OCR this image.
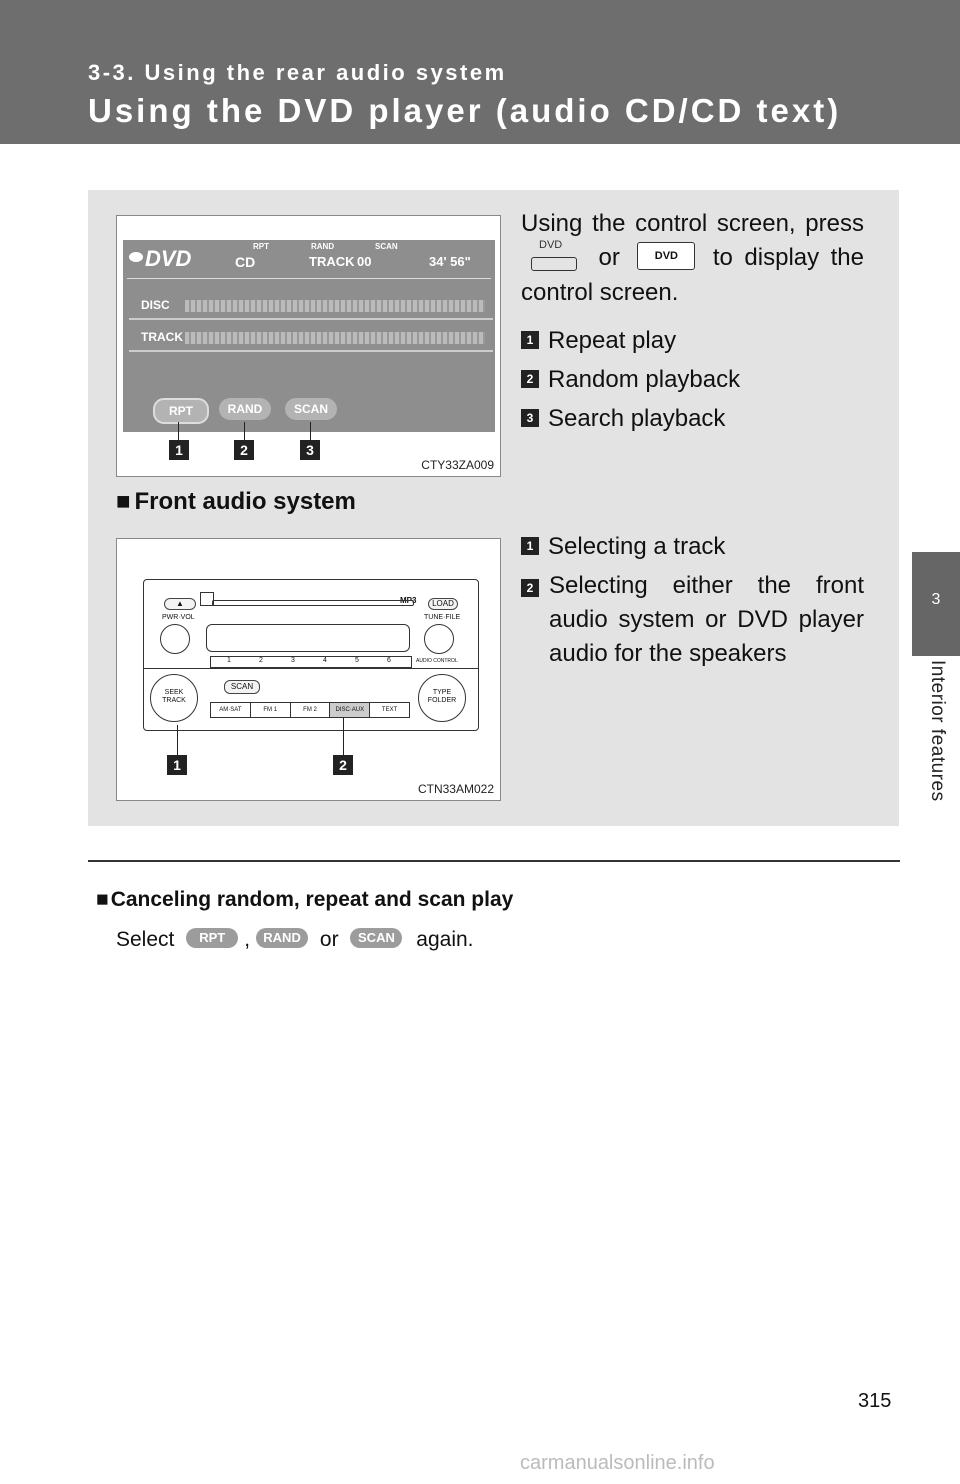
3-3. Using the rear audio system
Using the DVD player (audio CD/CD text)
3
Interior features
DVD	CD
RPT	RAND	SCAN
TRACK 00	34' 56"
DISC
TRACK
RPT	RAND	SCAN
1	2	3
CTY33ZA009
Using the control screen, press
DVD or	DVD to display the control screen.
1 Repeat play
2 Random playback
3 Search playback
■ Front audio system
MP3
▲	LOAD
PWR·VOL	TUNE·FILE
1	2	3	4	5	6	AUDIO CONTROL
SEEK
TRACK
SCAN
TYPE
FOLDER
AM·SAT	FM 1	FM 2	DISC·AUX	TEXT
1	2
CTN33AM022
1 Selecting a track
2 Selecting either the front audio system or DVD player audio for the speakers
■Canceling random, repeat and scan play
Select RPT , RAND or SCAN again.
315
carmanualsonline.info
